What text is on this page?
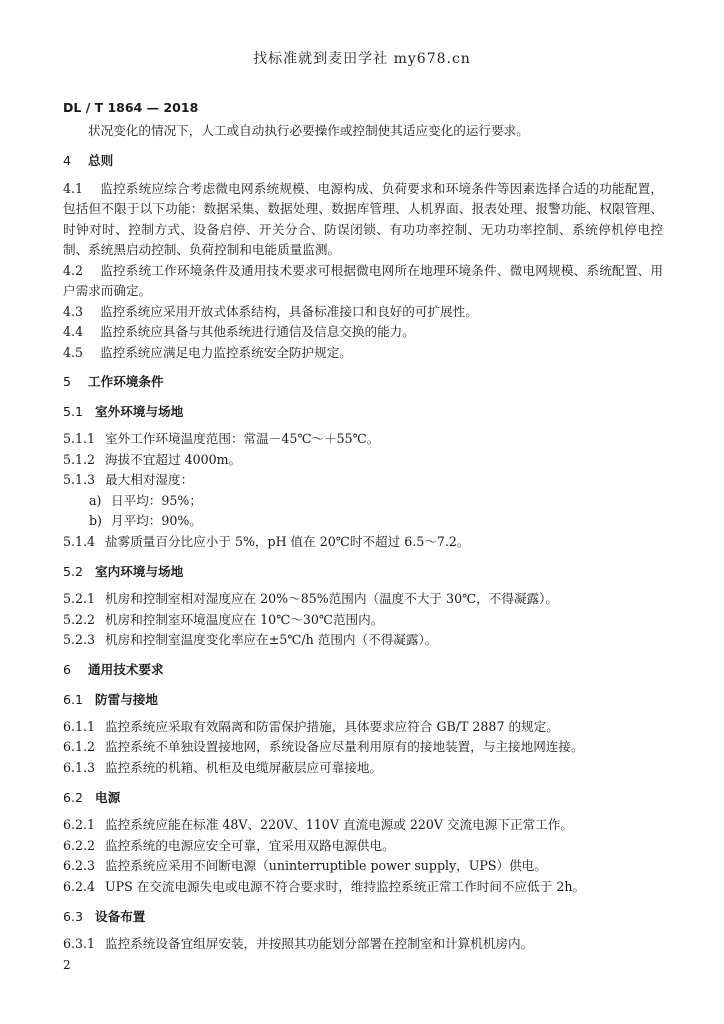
找标准就到麦田学社 my678.cn
DL / T 1864 — 2018
状况变化的情况下，人工或自动执行必要操作或控制使其适应变化的运行要求。
4	总则
4.1 监控系统应综合考虑微电网系统规模、电源构成、负荷要求和环境条件等因素选择合适的功能配置，包括但不限于以下功能：数据采集、数据处理、数据库管理、人机界面、报表处理、报警功能、权限管理、时钟对时、控制方式、设备启停、开关分合、防误闭锁、有功功率控制、无功功率控制、系统停机停电控制、系统黑启动控制、负荷控制和电能质量监测。
4.2 监控系统工作环境条件及通用技术要求可根据微电网所在地理环境条件、微电网规模、系统配置、用户需求而确定。
4.3	监控系统应采用开放式体系结构，具备标准接口和良好的可扩展性。
4.4	监控系统应具备与其他系统进行通信及信息交换的能力。
4.5	监控系统应满足电力监控系统安全防护规定。
5	工作环境条件
5.1 室外环境与场地
5.1.1 室外工作环境温度范围：常温－45℃～＋55℃。
5.1.2 海拔不宜超过 4000m。
5.1.3 最大相对湿度：
a) 日平均：95%；
b) 月平均：90%。
5.1.4 盐雾质量百分比应小于 5%，pH 值在 20℃时不超过 6.5～7.2。
5.2 室内环境与场地
5.2.1 机房和控制室相对湿度应在 20%～85%范围内（温度不大于 30℃，不得凝露）。
5.2.2 机房和控制室环境温度应在 10℃～30℃范围内。
5.2.3 机房和控制室温度变化率应在±5℃/h 范围内（不得凝露）。
6	通用技术要求
6.1 防雷与接地
6.1.1 监控系统应采取有效隔离和防雷保护措施，具体要求应符合 GB/T 2887 的规定。
6.1.2 监控系统不单独设置接地网，系统设备应尽量利用原有的接地装置，与主接地网连接。
6.1.3 监控系统的机箱、机柜及电缆屏蔽层应可靠接地。
6.2 电源
6.2.1 监控系统应能在标准 48V、220V、110V 直流电源或 220V 交流电源下正常工作。
6.2.2 监控系统的电源应安全可靠，宜采用双路电源供电。
6.2.3 监控系统应采用不间断电源（uninterruptible power supply，UPS）供电。
6.2.4 UPS 在交流电源失电或电源不符合要求时，维持监控系统正常工作时间不应低于 2h。
6.3 设备布置
6.3.1 监控系统设备宜组屏安装，并按照其功能划分部署在控制室和计算机机房内。
2
